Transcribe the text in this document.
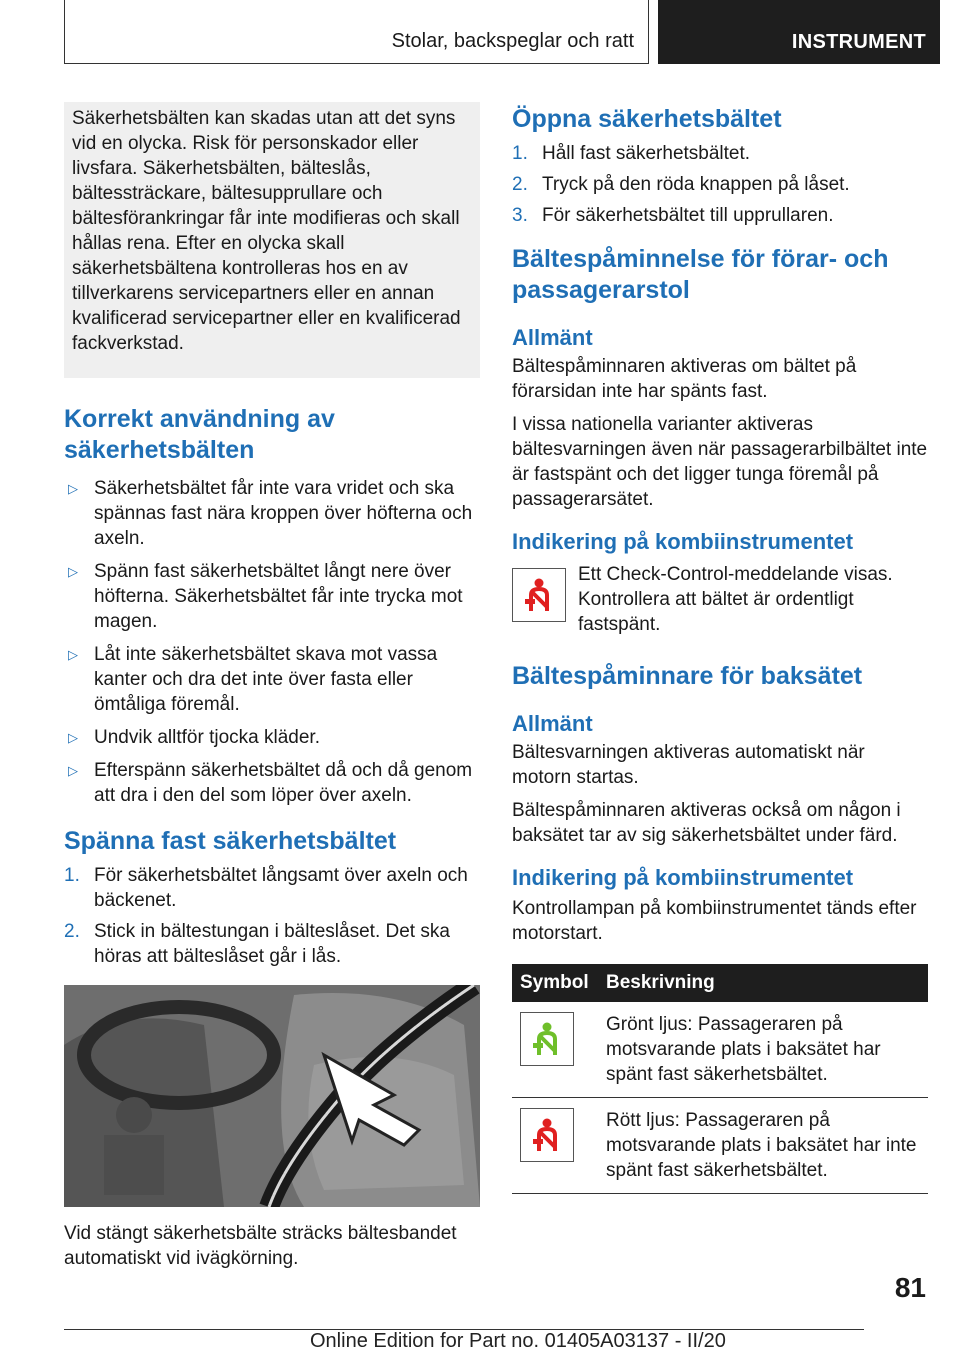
Stolar, backspeglar och ratt	INSTRUMENT
Säkerhetsbälten kan skadas utan att det syns vid en olycka. Risk för personskador eller livsfara. Säkerhetsbälten, bälteslås, bältessträckare, bältesupprullare och bältesförankringar får inte modifieras och skall hållas rena. Efter en olycka skall säkerhetsbältena kontrolleras hos en av tillverkarens servicepartners eller en annan kvalificerad servicepartner eller en kvalificerad fackverkstad.
Korrekt användning av säkerhetsbälten
▷ Säkerhetsbältet får inte vara vridet och ska spännas fast nära kroppen över höfterna och axeln.
▷ Spänn fast säkerhetsbältet långt nere över höfterna. Säkerhetsbältet får inte trycka mot magen.
▷ Låt inte säkerhetsbältet skava mot vassa kanter och dra det inte över fasta eller ömtåliga föremål.
▷ Undvik alltför tjocka kläder.
▷ Efterspänn säkerhetsbältet då och då genom att dra i den del som löper över axeln.
Spänna fast säkerhetsbältet
1. För säkerhetsbältet långsamt över axeln och bäckenet.
2. Stick in bältestungan i bälteslåset. Det ska höras att bälteslåset går i lås.

Vid stängt säkerhetsbälte sträcks bältesbandet automatiskt vid ivägkörning.

Öppna säkerhetsbältet
1. Håll fast säkerhetsbältet.
2. Tryck på den röda knappen på låset.
3. För säkerhetsbältet till upprullaren.
Bältespåminnelse för förar- och passagerarstol
Allmänt

Bältespåminnaren aktiveras om bältet på förarsidan inte har spänts fast.

I vissa nationella varianter aktiveras bältesvarningen även när passagerarbilbältet inte är fastspänt och det ligger tunga föremål på passagerarsätet.

Indikering på kombiinstrumentet

Ett Check-Control-meddelande visas. Kontrollera att bältet är ordentligt fastspänt.

Bältespåminnare för baksätet
Allmänt

Bältesvarningen aktiveras automatiskt när motorn startas.

Bältespåminnaren aktiveras också om någon i baksätet tar av sig säkerhetsbältet under färd.

Indikering på kombiinstrumentet

Kontrollampan på kombiinstrumentet tänds efter motorstart.

Symbol	Beskrivning

	Grönt ljus: Passageraren på motsvarande plats i baksätet har spänt fast säkerhetsbältet.

	Rött ljus: Passageraren på motsvarande plats i baksätet har inte spänt fast säkerhetsbältet.
81
Online Edition for Part no. 01405A03137 - II/20
